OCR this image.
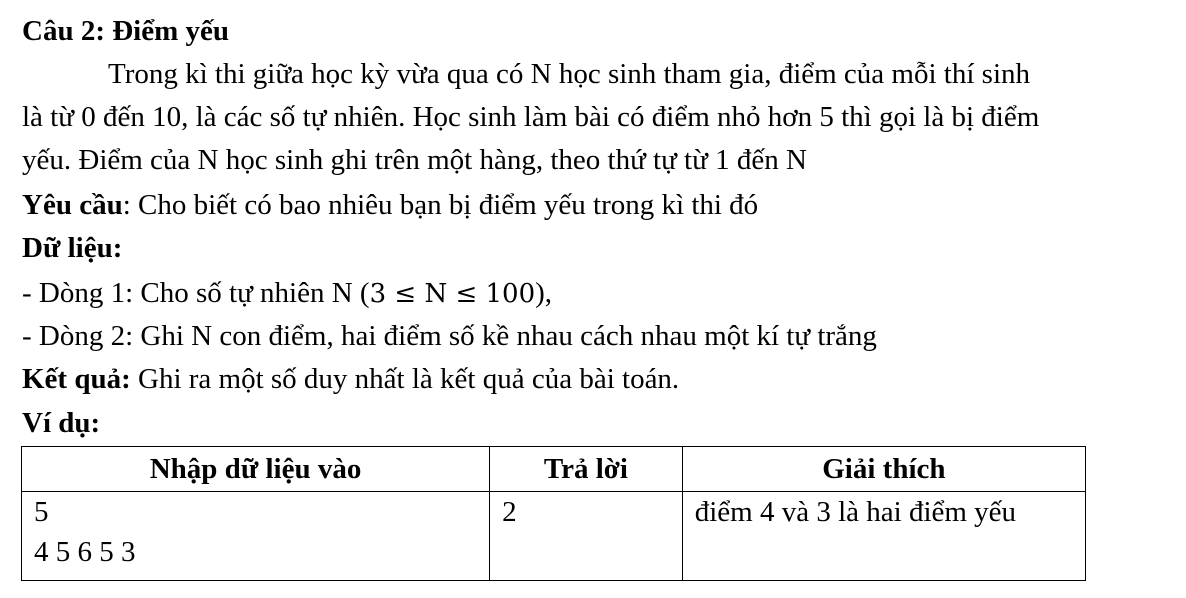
Câu 2: Điểm yếu
Trong kì thi giữa học kỳ vừa qua có N học sinh tham gia, điểm của mỗi thí sinh
là từ 0 đến 10, là các số tự nhiên. Học sinh làm bài có điểm nhỏ hơn 5 thì gọi là bị điểm
yếu. Điểm của N học sinh ghi trên một hàng, theo thứ tự từ 1 đến N
Yêu cầu: Cho biết có bao nhiêu bạn bị điểm yếu trong kì thi đó
Dữ liệu:
- Dòng 1: Cho số tự nhiên N (3 ≤ N ≤ 100),
- Dòng 2: Ghi N con điểm, hai điểm số kề nhau cách nhau một kí tự trắng
Kết quả: Ghi ra một số duy nhất là kết quả của bài toán.
Ví dụ:
Nhập dữ liệu vào	Trả lời	Giải thích

5
4 5 6 5 3	2	điểm 4 và 3 là hai điểm yếu
